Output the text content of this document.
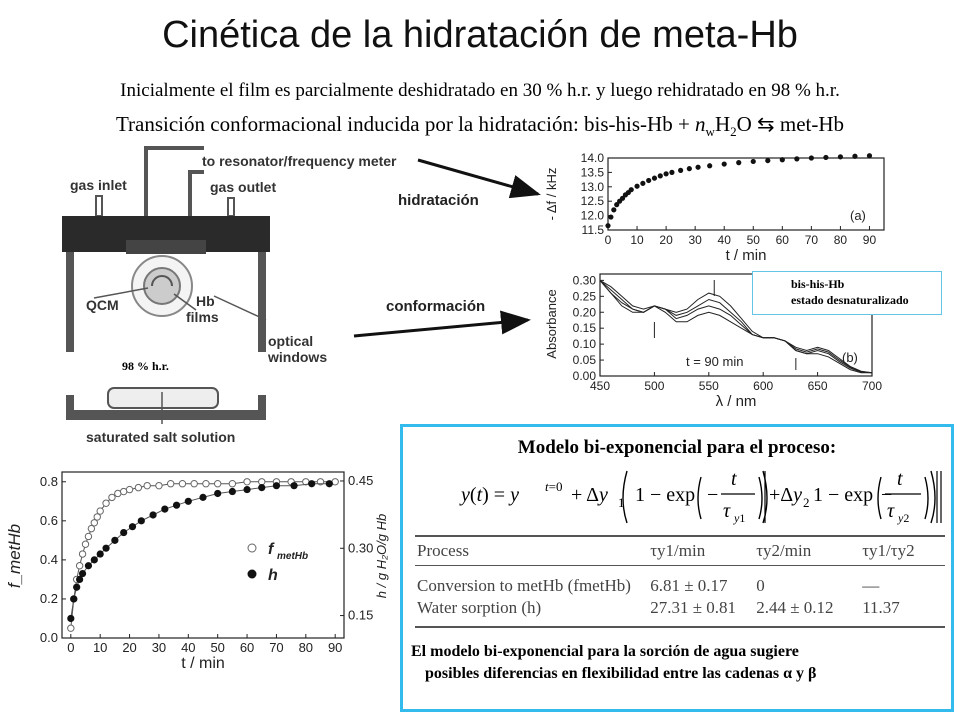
Cinética de la hidratación de meta-Hb
Inicialmente el film es parcialmente deshidratado en 30 % h.r. y luego rehidratado en 98 % h.r.
Transición conformacional inducida por la hidratación: $bis-his-Hb + n_wH_2O$ ⇆ met-Hb
to resonator/frequency meter
gas inlet	gas outlet
QCM	Hb
films
optical
windows
98 % h.r.
saturated salt solution
hidratación
conformación
0 10 20 30 40 50 60 70 80 90
11.5
12.0
12.5
13.0
13.5
14.0
t / min
- Δf / kHz	(a)
450	500	550	600	650	700
0.00
0.05
0.10
0.15
0.20
0.25
0.30
λ / nm
Absorbance
t = 90 min	(b)
bis-his-Hb
estado desnaturalizado
0 10 20 30 40 50 60 70 80 90
0.0
0.2
0.4
0.6
0.8
t / min
f_metHb
0.15
0.30
0.45
h / g H₂O/g Hb
f metHb
h
Modelo bi-exponencial para el proceso:
y(t) = y t=0 + Δy 1 1 − exp −
t
τ y1
+Δy 2 1 − exp −
t
τ y2
Process	τy1/min	τy2/min	τy1/τy2
Conversion to metHb (fmetHb)	6.81 ± 0.17	0	—
Water sorption (h)	27.31 ± 0.81	2.44 ± 0.12	11.37
El modelo bi-exponencial para la sorción de agua sugiere
posibles diferencias en flexibilidad entre las cadenas α y β
